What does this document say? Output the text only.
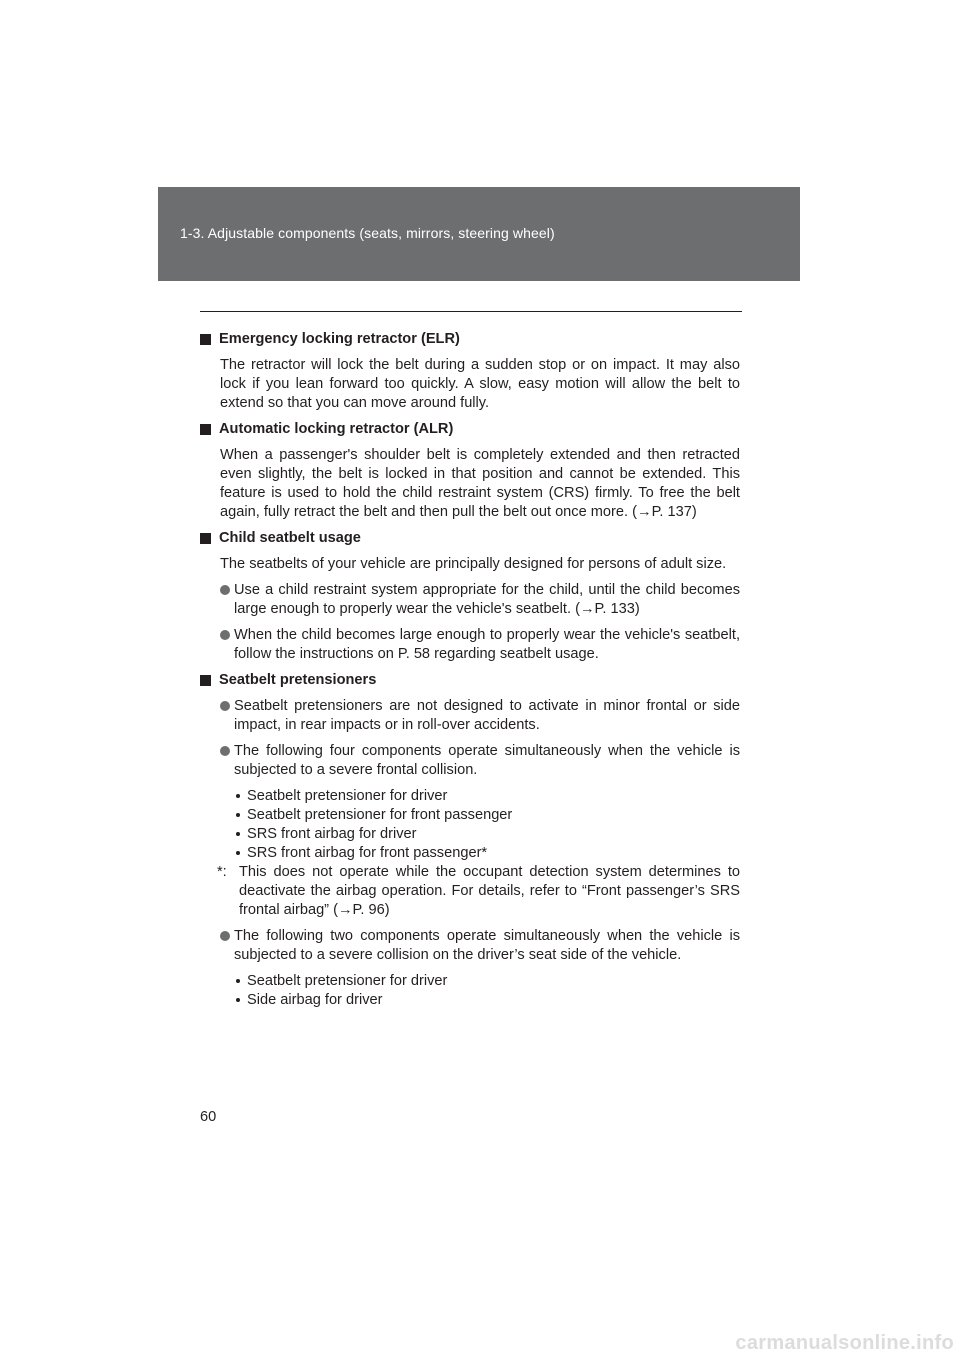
1-3. Adjustable components (seats, mirrors, steering wheel)
Emergency locking retractor (ELR)

The retractor will lock the belt during a sudden stop or on impact. It may also lock if you lean forward too quickly. A slow, easy motion will allow the belt to extend so that you can move around fully.

Automatic locking retractor (ALR)

When a passenger's shoulder belt is completely extended and then retracted even slightly, the belt is locked in that position and cannot be extended. This feature is used to hold the child restraint system (CRS) firmly. To free the belt again, fully retract the belt and then pull the belt out once more. (→P. 137)

Child seatbelt usage

The seatbelts of your vehicle are principally designed for persons of adult size.

Use a child restraint system appropriate for the child, until the child becomes large enough to properly wear the vehicle's seatbelt. (→P. 133)
When the child becomes large enough to properly wear the vehicle's seatbelt, follow the instructions on P. 58 regarding seatbelt usage.
Seatbelt pretensioners
Seatbelt pretensioners are not designed to activate in minor frontal or side impact, in rear impacts or in roll-over accidents.
The following four components operate simultaneously when the vehicle is subjected to a severe frontal collision.
Seatbelt pretensioner for driver
Seatbelt pretensioner for front passenger
SRS front airbag for driver
SRS front airbag for front passenger*
*: This does not operate while the occupant detection system determines to deactivate the airbag operation. For details, refer to “Front passenger’s SRS frontal airbag” (→P. 96)
The following two components operate simultaneously when the vehicle is subjected to a severe collision on the driver’s seat side of the vehicle.
Seatbelt pretensioner for driver
Side airbag for driver
60
carmanualsonline.info
